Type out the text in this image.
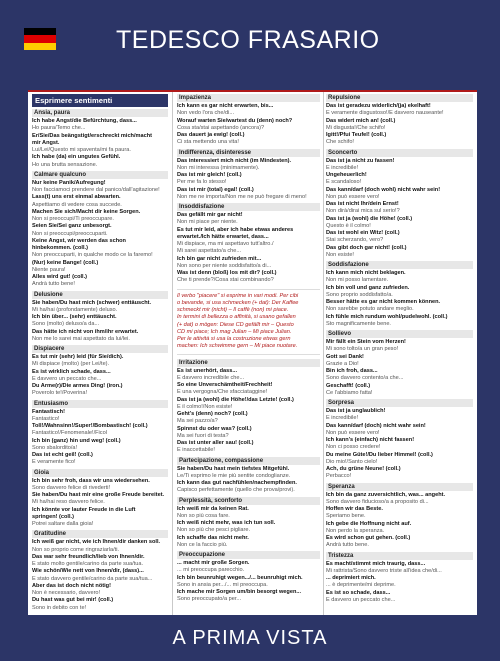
TEDESCO FRASARIO
Esprimere sentimenti
Ansia, paura
Ich habe Angst/die Befürchtung, dass...
Ho paura/Temo che...
Er/Sie/Das beängstigt/erschreckt mich/macht
mir Angst.
Lui/Lei/Questo mi spaventa/mi fa paura.
Ich habe (da) ein ungutes Gefühl.
Ho una brutta sensazione.
Calmare qualcuno
Nur keine Panik/Aufregung!
Non facciamoci prendere dal panico/dall'agitazione!
Lass(t) uns erst einmal abwarten.
Aspettiamo di vedere cosa succede.
Machen Sie sich/Macht dir keine Sorgen.
Non si preoccupi/Ti preoccupare.
Seien Sie/Sei ganz unbesorgt.
Non si preoccupi/preoccuparti.
Keine Angst, wir werden das schon
hinbekommen. (coll.)
Non preoccuparti, in qualche modo ce la faremo!
(Nur) keine Bange! (coll.)
Niente paura!
Alles wird gut! (coll.)
Andrà tutto bene!
Delusione
Sie haben/Du hast mich (schwer) enttäuscht.
Mi ha/hai (profondamente) deluso.
Ich bin über... (sehr) enttäuscht.
Sono (molto) deluso/a da...
Das hätte ich nicht von ihm/ihr erwartet.
Non me lo sarei mai aspettato da lui/lei.
Dispiacere
Es tut mir (sehr) leid (für Sie/dich).
Mi dispiace (molto) (per Lei/te).
Es ist wirklich schade, dass...
È davvero un peccato che...
Du Arme(r)/Die armes Ding! (iron.)
Poverolo te!/Poverina!
Entusiasmo
Fantastisch!
Fantastico!
Toll!/Wahnsinn!/Super!/Bombastisch! (coll.)
Fantastico!/Fenomenale!/Ficol
Ich bin (ganz) hin und weg! (coll.)
Sono sbalordito/a!
Das ist echt geil! (coll.)
È veramente fico!
Gioia
Ich bin sehr froh, dass wir uns wiedersehen.
Sono davvero felice di rivederti!
Sie haben/Du hast mir eine große Freude bereitet.
Mi ha/hai reso davvero felice.
Ich könnte vor lauter Freude in die Luft
springen! (coll.)
Potrei saltare dalla gioia!
Gratitudine
Ich weiß gar nicht, wie ich Ihnen/dir danken soll.
Non so proprio come ringraziarla/ti.
Das war sehr freundlich/lieb von Ihnen/dir.
È stato molto gentile/carino da parte sua/tua.
Wie schön/Wie nett von Ihnen/dir, (dass)...
È stato davvero gentile/carino da parte sua/tua...
Aber das ist doch nicht nötig!
Non è necessario, davvero!
Du hast was gut bei mir! (coll.)
Sono in debito con te!
Impazienza
Ich kann es gar nicht erwarten, bis...
Non vedo l'ora che/di...
Worauf warten Sie/wartest du (denn) noch?
Cosa sta/stai aspettando (ancora)?
Das dauert ja ewig! (coll.)
Ci sta mettendo una vita!
Indifferenza, disinteresse
Das interessiert mich nicht (im Mindesten).
Non mi interessa (minimamente).
Das ist mir gleich! (coll.)
Per me fa lo stesso!
Das ist mir (total) egal! (coll.)
Non me ne importa/Non me ne può fregare di meno!
Insoddisfazione
Das gefällt mir gar nicht!
Non mi piace per niente.
Es tut mir leid, aber ich habe etwas anderes
erwartet./Ich hätte erwartet, dass...
Mi dispiace, ma mi aspettavo tutt'altro./
Mi sarei aspettato/a che...
Ich bin gar nicht zufrieden mit...
Non sono per niente soddisfatto/a di...
Was ist denn (bloß) los mit dir? (coll.)
Che ti prende?/Cosa stai combinando?
Il verbo "piacere" si esprime in vari modi. Per cibi
o bevande, si usa schmecken (+ dat): Der Kaffee
schmeckt mir (nicht) – Il caffè (non) mi piace.
In termini di bellezza o affinità, si usano gefallen
(+ dat) o mögen: Diese CD gefällt mir – Questo
CD mi piace; Ich mag Julian – Mi piace Julian.
Per le attività si usa la costruzione etwas gern
machen: Ich schwimme gern – Mi piace nuotare.
Irritazione
Es ist unerhört, dass...
È davvero incredibile che...
So eine Unverschämtheit/Frechheit!
È una vergogna/Che sfacciataggine!
Das ist ja (wohl) die Höhe!/das Letzte! (coll.)
È il colmo!/Non esiste!
Geht's (denn) noch? (coll.)
Ma sei pazzo/a?
Spinnst du oder was? (coll.)
Ma sei fuori di testa?
Das ist unter aller sau! (coll.)
È inaccettabile!
Partecipazione, compassione
Sie haben/Du hast mein tiefstes Mitgefühl.
Le/Ti esprimo le mie più sentite condoglianze.
Ich kann das gut nachfühlen/nachempfinden.
Capisco perfettamente (quello che prova/provi).
Perplessità, sconforto
Ich weiß mir da keinen Rat.
Non so più cosa fare.
Ich weiß nicht mehr, was ich tun soll.
Non so più che pesci pigliare.
Ich schaffe das nicht mehr.
Non ce la faccio più.
Preoccupazione
... macht mir große Sorgen.
... mi preoccupa parecchio.
Ich bin beunruhigt wegen.../... beunruhigt mich.
Sono in ansia per.../... mi preoccupa.
Ich mache mir Sorgen um/bin besorgt wegen...
Sono preoccupato/a per...
Repulsione
Das ist geradezu widerlich/(ja) ekelhaft!
È veramente disgustoso!/È davvero nauseante!
Das widert mich an! (coll.)
Mi disgusta!/Che schifo!
Igitt!/Pfui Teufel! (coll.)
Che schifo!
Sconcerto
Das ist ja nicht zu fassen!
È incredibile!
Ungeheuerlich!
È scandaloso!
Das kann/darf (doch wohl) nicht wahr sein!
Non può essere vero!
Das ist nicht Ihr/dein Ernst!
Non dirà/dirai mica sul serio!?
Das ist ja (wohl) die Höhe! (coll.)
Questo è il colmo!
Das ist wohl ein Witz! (coll.)
Stai scherzando, vero?
Das gibt doch gar nicht! (coll.)
Non esiste!
Soddisfazione
Ich kann mich nicht beklagen.
Non mi posso lamentare.
Ich bin voll und ganz zufrieden.
Sono proprio soddisfatto/a.
Besser hätte es gar nicht kommen können.
Non sarebbe potuto andare meglio.
Ich fühle mich rundum wohl/pudelwohl. (coll.)
Sto magnificamente bene.
Sollievo
Mir fällt ein Stein vom Herzen!
Mi sono tolto/a un gran peso!
Gott sei Dank!
Grazie a Dio!
Bin ich froh, dass...
Sono davvero contento/a che...
Geschafft! (coll.)
Ce l'abbiamo fatta!
Sorpresa
Das ist ja unglaublich!
È incredibile!
Das kann/darf (doch) nicht wahr sein!
Non può essere vero!
Ich kann's (einfach) nicht fassen!
Non ci posso credere!
Du meine Güte!/Du lieber Himmel! (coll.)
Dio mio!/Santo cielo!
Ach, du grüne Neune! (coll.)
Perbacco!
Speranza
Ich bin da ganz zuversichtlich, was... angeht.
Sono davvero fiducioso/a a proposito di...
Hoffen wir das Beste.
Speriamo bene.
Ich gebe die Hoffnung nicht auf.
Non perdo la speranza.
Es wird schon gut gehen. (coll.)
Andrà tutto bene.
Tristezza
Es macht/stimmt mich traurig, dass...
Mi rattrista/Sono davvero triste all'idea che/di...
... deprimiert mich.
... è deprimente/mi deprime.
Es ist so schade, dass...
È davvero un peccato che...
A PRIMA VISTA
